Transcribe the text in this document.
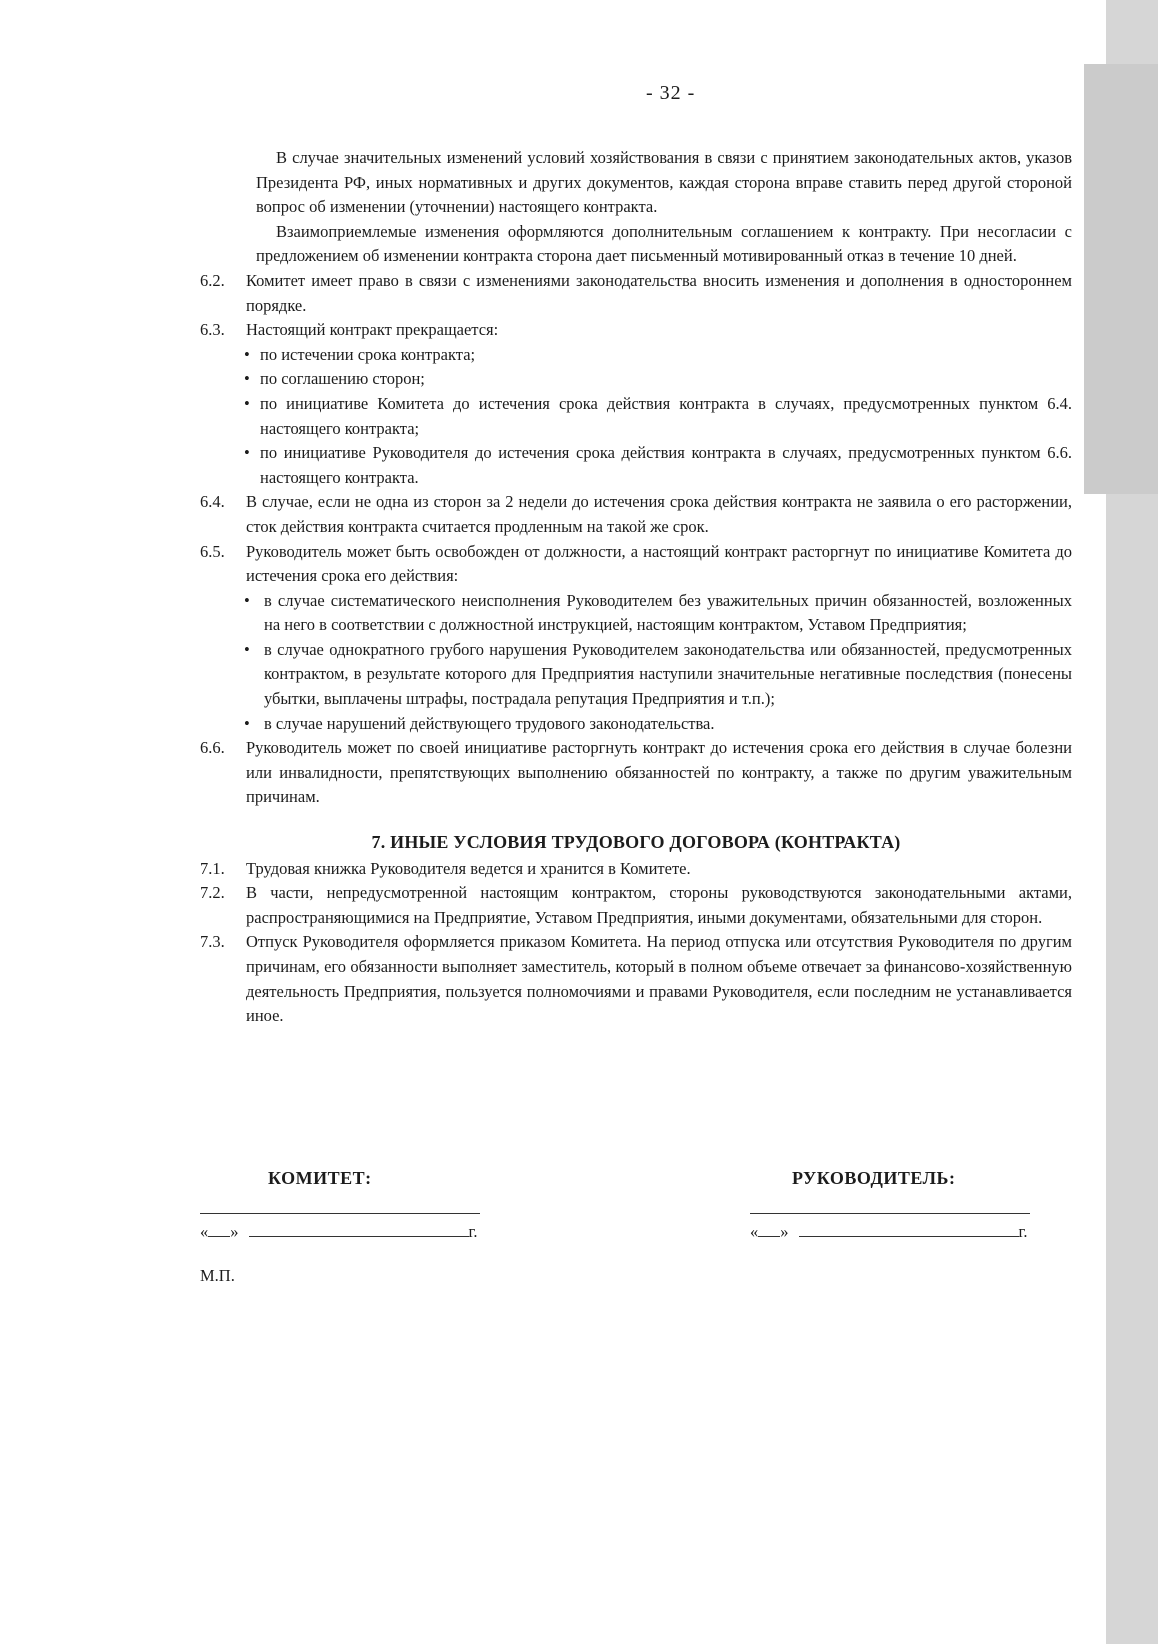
- 32 -

В случае значительных изменений условий хозяйствования в связи с принятием законодательных актов, указов Президента РФ, иных нормативных и других документов, каждая сторона вправе ставить перед другой стороной вопрос об изменении (уточнении) настоящего контракта.

Взаимоприемлемые изменения оформляются дополнительным соглашением к контракту. При несогласии с предложением об изменении контракта сторона дает письменный мотивированный отказ в течение 10 дней.

6.2. Комитет имеет право в связи с изменениями законодательства вносить изменения и дополнения в одностороннем порядке.

6.3. Настоящий контракт прекращается:

• по истечении срока контракта;

• по соглашению сторон;

• по инициативе Комитета до истечения срока действия контракта в случаях, предусмотренных пунктом 6.4. настоящего контракта;

• по инициативе Руководителя до истечения срока действия контракта в случаях, предусмотренных пунктом 6.6. настоящего контракта.

6.4. В случае, если не одна из сторон за 2 недели до истечения срока действия контракта не заявила о его расторжении, сток действия контракта считается продленным на такой же срок.

6.5. Руководитель может быть освобожден от должности, а настоящий контракт расторгнут по инициативе Комитета до истечения срока его действия:

• в случае систематического неисполнения Руководителем без уважительных причин обязанностей, возложенных на него в соответствии с должностной инструкцией, настоящим контрактом, Уставом Предприятия;

• в случае однократного грубого нарушения Руководителем законодательства или обязанностей, предусмотренных контрактом, в результате которого для Предприятия наступили значительные негативные последствия (понесены убытки, выплачены штрафы, пострадала репутация Предприятия и т.п.);

• в случае нарушений действующего трудового законодательства.

6.6. Руководитель может по своей инициативе расторгнуть контракт до истечения срока его действия в случае болезни или инвалидности, препятствующих выполнению обязанностей по контракту, а также по другим уважительным причинам.

7. ИНЫЕ УСЛОВИЯ ТРУДОВОГО ДОГОВОРА (КОНТРАКТА)

7.1. Трудовая книжка Руководителя ведется и хранится в Комитете.

7.2. В части, непредусмотренной настоящим контрактом, стороны руководствуются законодательными актами, распространяющимися на Предприятие, Уставом Предприятия, иными документами, обязательными для сторон.

7.3. Отпуск Руководителя оформляется приказом Комитета. На период отпуска или отсутствия Руководителя по другим причинам, его обязанности выполняет заместитель, который в полном объеме отвечает за финансово-хозяйственную деятельность Предприятия, пользуется полномочиями и правами Руководителя, если последним не устанавливается иное.

КОМИТЕТ:
« »	г.
РУКОВОДИТЕЛЬ:
« »	г.
М.П.
